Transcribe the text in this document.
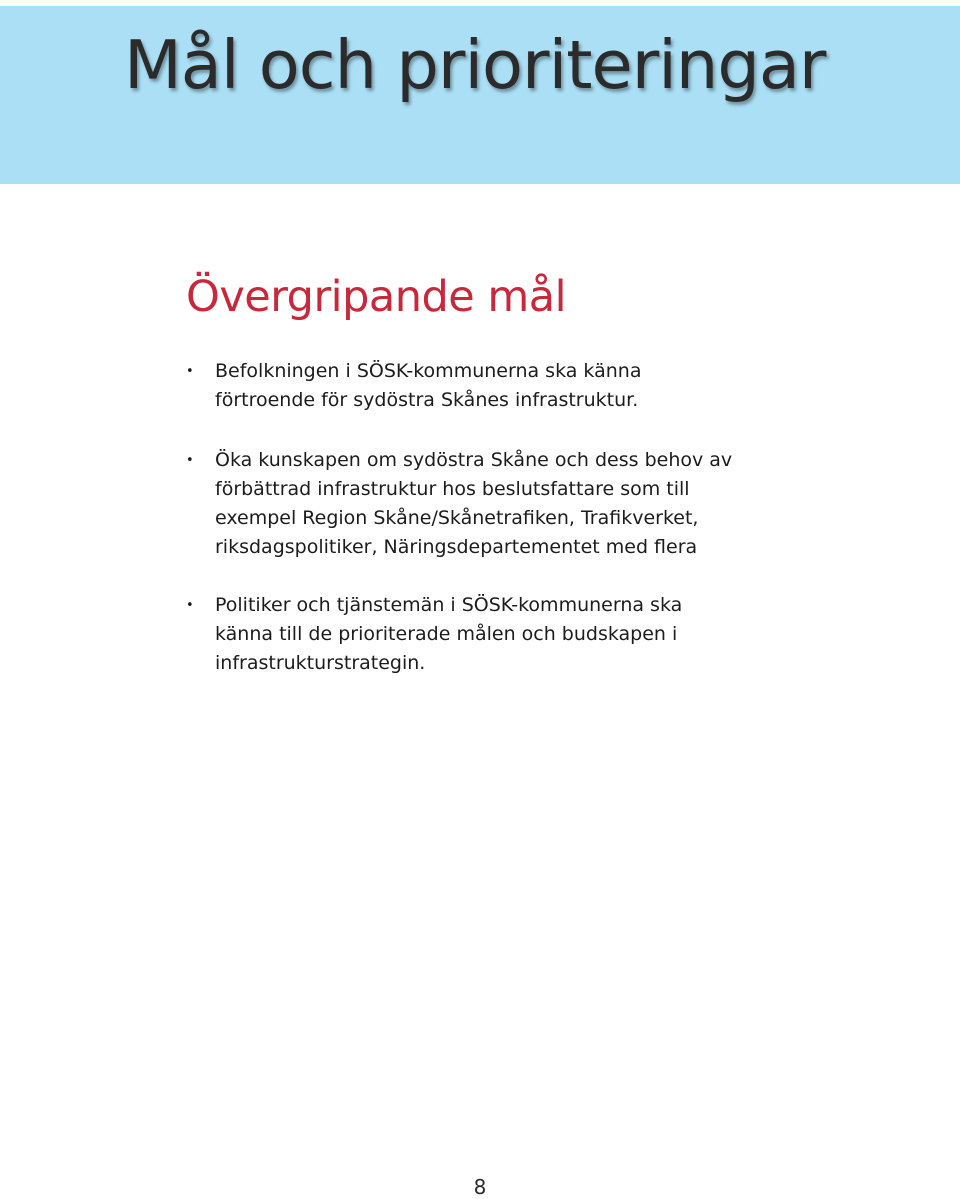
Mål och prioriteringar
Övergripande mål
•	Befolkningen i SÖSK-kommunerna ska känna
förtroende för sydöstra Skånes infrastruktur.
•	Öka kunskapen om sydöstra Skåne och dess behov av
förbättrad infrastruktur hos beslutsfattare som till
exempel Region Skåne/Skånetrafiken, Trafikverket,
riksdagspolitiker, Näringsdepartementet med flera
•	Politiker och tjänstemän i SÖSK-kommunerna ska
känna till de prioriterade målen och budskapen i
infrastrukturstrategin.
8
